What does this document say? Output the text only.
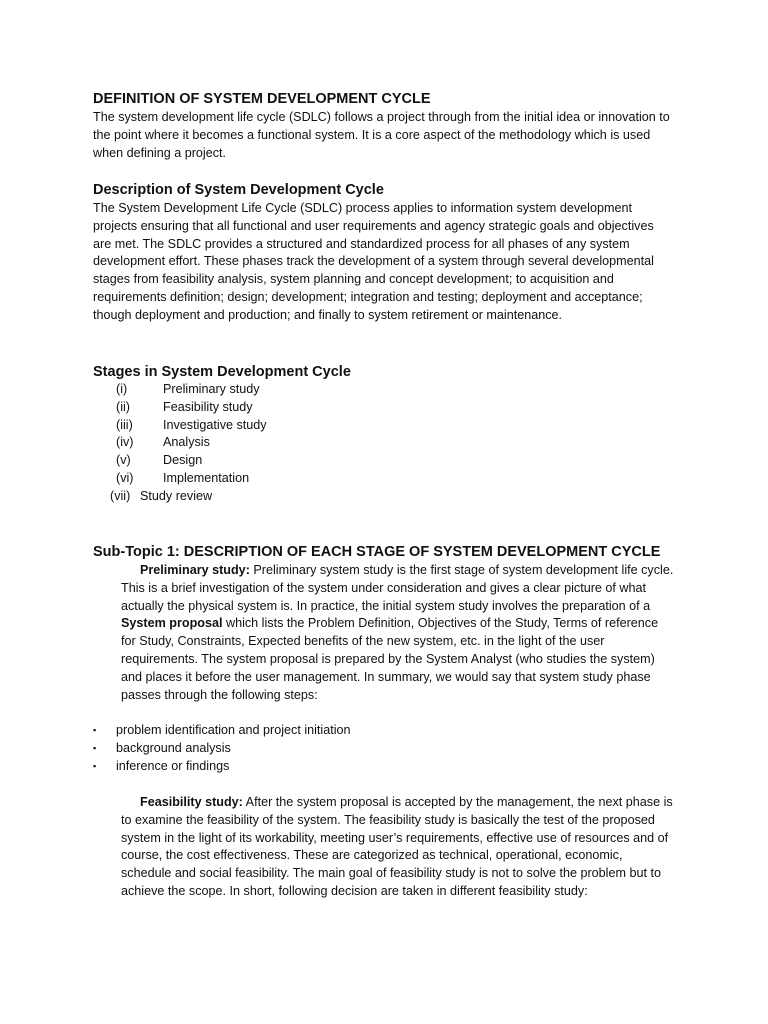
DEFINITION OF SYSTEM DEVELOPMENT CYCLE
The system development life cycle (SDLC) follows a project through from the initial idea or innovation to the point where it becomes a functional system. It is a core aspect of the methodology which is used when defining a project.
Description of System Development Cycle
The System Development Life Cycle (SDLC) process applies to information system development projects ensuring that all functional and user requirements and agency strategic goals and objectives are met. The SDLC provides a structured and standardized process for all phases of any system development effort. These phases track the development of a system through several developmental stages from feasibility analysis, system planning and concept development; to acquisition and requirements definition; design; development; integration and testing; deployment and acceptance; though deployment and production; and finally to system retirement or maintenance.
Stages in System Development Cycle
(i)	Preliminary study
(ii)	Feasibility study
(iii)	Investigative study
(iv)	Analysis
(v)	Design
(vi)	Implementation
(vii) Study review
Sub-Topic 1: DESCRIPTION OF EACH STAGE OF SYSTEM DEVELOPMENT CYCLE
Preliminary study: Preliminary system study is the first stage of system development life cycle. This is a brief investigation of the system under consideration and gives a clear picture of what actually the physical system is. In practice, the initial system study involves the preparation of a System proposal which lists the Problem Definition, Objectives of the Study, Terms of reference for Study, Constraints, Expected benefits of the new system, etc. in the light of the user requirements. The system proposal is prepared by the System Analyst (who studies the system) and places it before the user management. In summary, we would say that system study phase passes through the following steps:
▪	problem identification and project initiation
▪	background analysis
▪	inference or findings
Feasibility study: After the system proposal is accepted by the management, the next phase is to examine the feasibility of the system. The feasibility study is basically the test of the proposed system in the light of its workability, meeting user’s requirements, effective use of resources and of course, the cost effectiveness. These are categorized as technical, operational, economic, schedule and social feasibility. The main goal of feasibility study is not to solve the problem but to achieve the scope. In short, following decision are taken in different feasibility study:
